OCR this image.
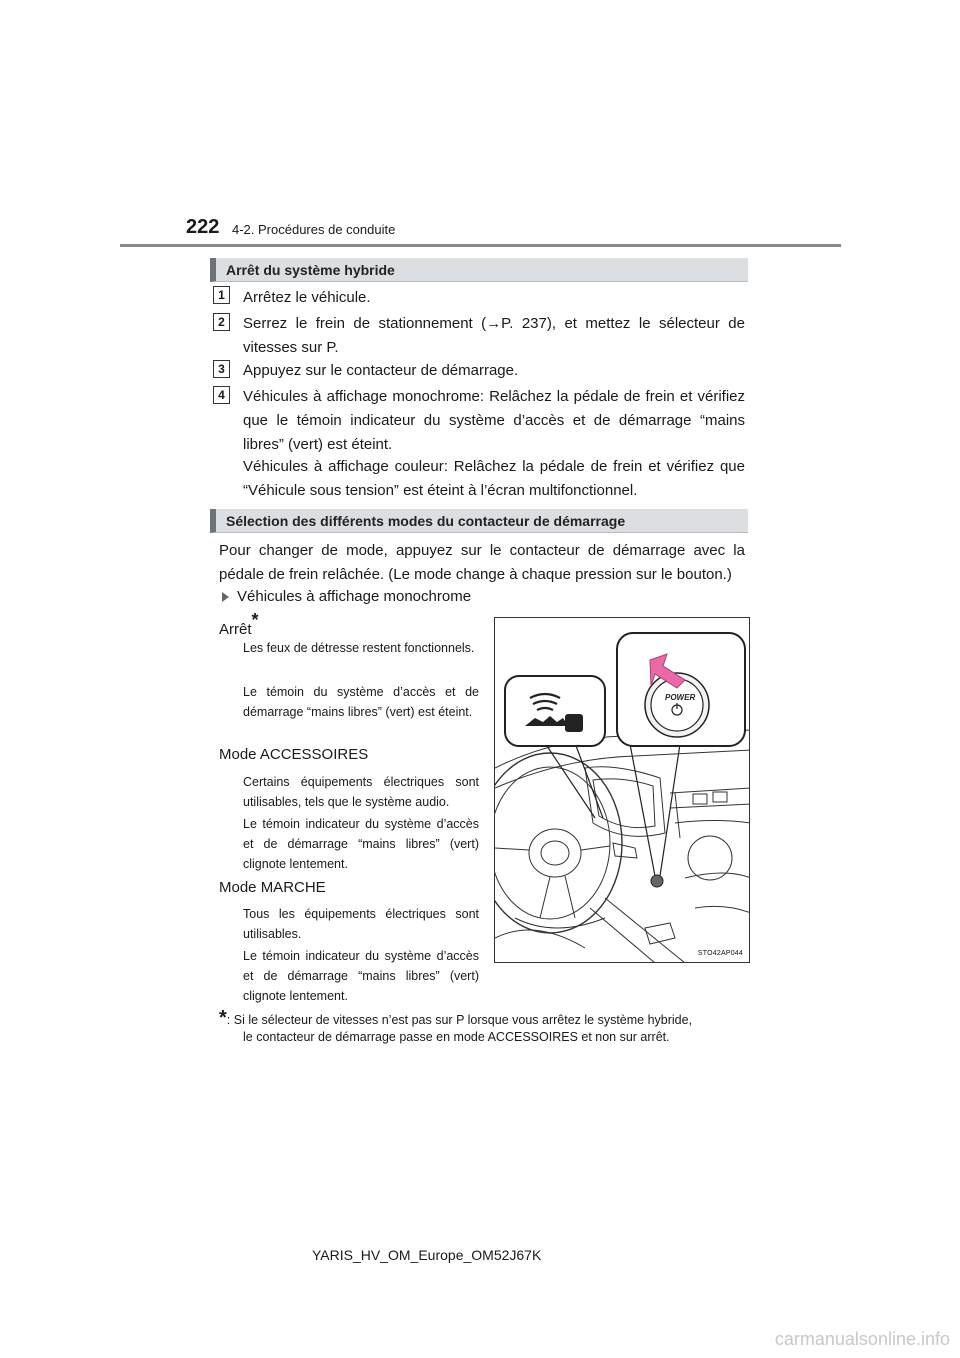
222 4-2. Procédures de conduite
Arrêt du système hybride
1	Arrêtez le véhicule.
2	Serrez le frein de stationnement (→P. 237), et mettez le sélecteur de vitesses sur P.
3	Appuyez sur le contacteur de démarrage.
4	Véhicules à affichage monochrome: Relâchez la pédale de frein et vérifiez que le témoin indicateur du système d’accès et de démarrage “mains libres” (vert) est éteint.
Véhicules à affichage couleur: Relâchez la pédale de frein et vérifiez que “Véhicule sous tension” est éteint à l’écran multifonctionnel.
Sélection des différents modes du contacteur de démarrage
Pour changer de mode, appuyez sur le contacteur de démarrage avec la pédale de frein relâchée. (Le mode change à chaque pression sur le bouton.)
Véhicules à affichage monochrome
Arrêt*
Les feux de détresse restent fonctionnels.
Le témoin du système d’accès et de démarrage “mains libres” (vert) est éteint.
Mode ACCESSOIRES
Certains équipements électriques sont utilisables, tels que le système audio.
Le témoin indicateur du système d’accès et de démarrage “mains libres” (vert) clignote lentement.
Mode MARCHE
Tous les équipements électriques sont utilisables.
Le témoin indicateur du système d’accès et de démarrage “mains libres” (vert) clignote lentement.
POWER
STO42AP044
*: Si le sélecteur de vitesses n’est pas sur P lorsque vous arrêtez le système hybride,
le contacteur de démarrage passe en mode ACCESSOIRES et non sur arrêt.
YARIS_HV_OM_Europe_OM52J67K
carmanualsonline.info
